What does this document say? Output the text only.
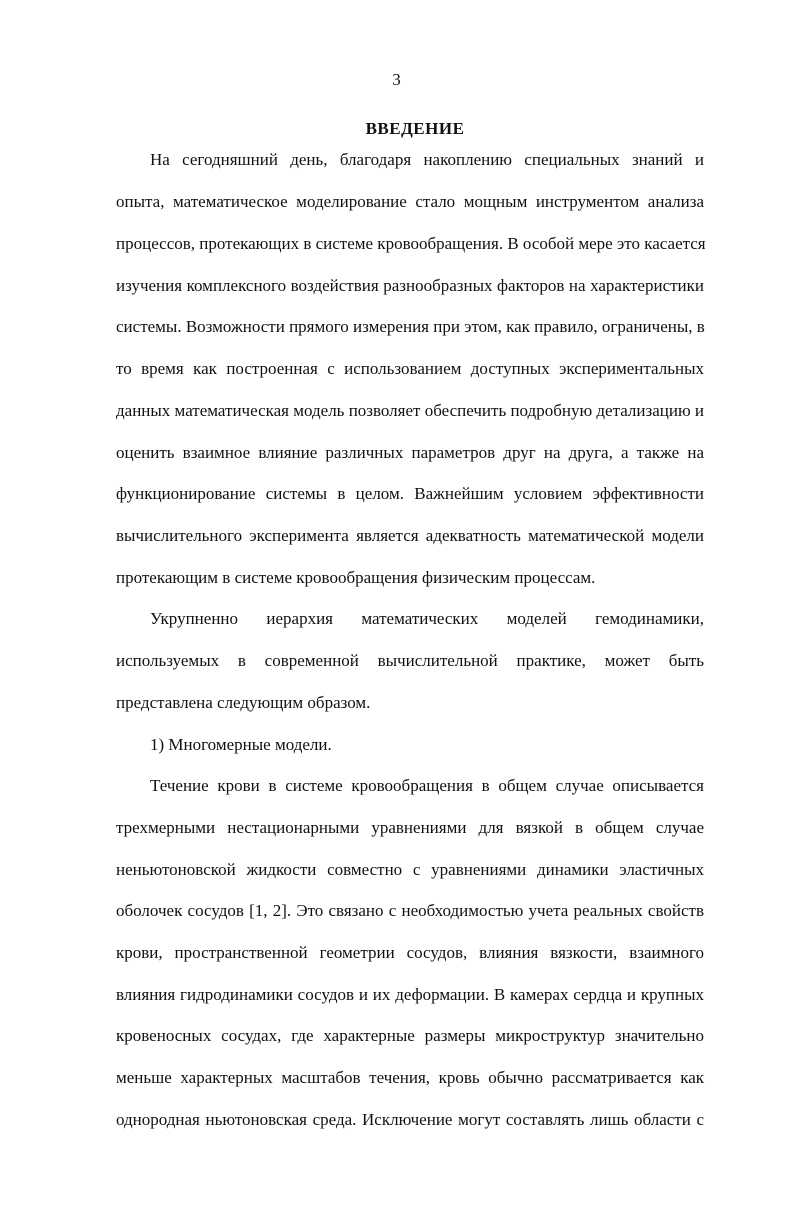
3
ВВЕДЕНИЕ
На сегодняшний день, благодаря накоплению специальных знаний и
опыта, математическое моделирование стало мощным инструментом анализа
процессов, протекающих в системе кровообращения. В особой мере это касается
изучения комплексного воздействия разнообразных факторов на характеристики
системы. Возможности прямого измерения при этом, как правило, ограничены, в
то время как построенная с использованием доступных экспериментальных
данных математическая модель позволяет обеспечить подробную детализацию и
оценить взаимное влияние различных параметров друг на друга, а также на
функционирование системы в целом. Важнейшим условием эффективности
вычислительного эксперимента является адекватность математической модели
протекающим в системе кровообращения физическим процессам.
Укрупненно иерархия математических моделей гемодинамики,
используемых в современной вычислительной практике, может быть
представлена следующим образом.
1) Многомерные модели.
Течение крови в системе кровообращения в общем случае описывается
трехмерными нестационарными уравнениями для вязкой в общем случае
неньютоновской жидкости совместно с уравнениями динамики эластичных
оболочек сосудов [1, 2]. Это связано с необходимостью учета реальных свойств
крови, пространственной геометрии сосудов, влияния вязкости, взаимного
влияния гидродинамики сосудов и их деформации. В камерах сердца и крупных
кровеносных сосудах, где характерные размеры микроструктур значительно
меньше характерных масштабов течения, кровь обычно рассматривается как
однородная ньютоновская среда. Исключение могут составлять лишь области с
